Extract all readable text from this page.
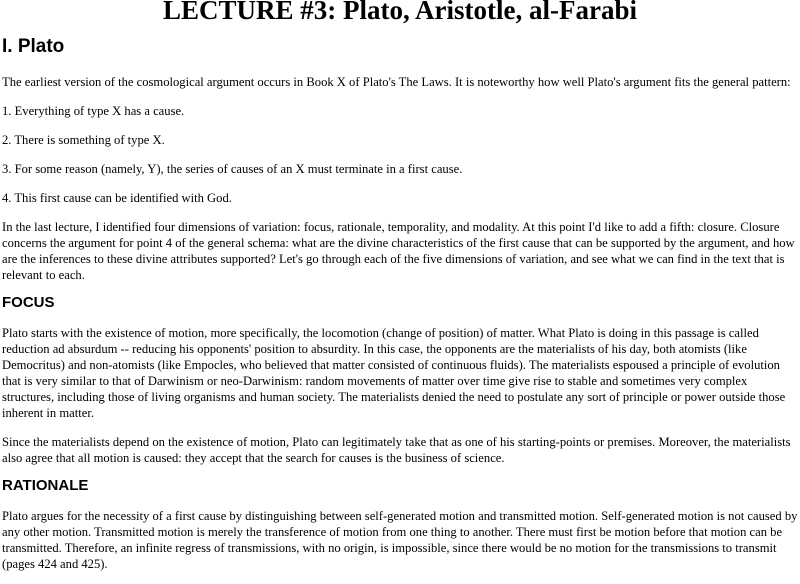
LECTURE #3: Plato, Aristotle, al-Farabi
I. Plato

The earliest version of the cosmological argument occurs in Book X of Plato's The Laws. It is noteworthy how well Plato's argument fits the general pattern:

1. Everything of type X has a cause.

2. There is something of type X.

3. For some reason (namely, Y), the series of causes of an X must terminate in a first cause.

4. This first cause can be identified with God.

In the last lecture, I identified four dimensions of variation: focus, rationale, temporality, and modality. At this point I'd like to add a fifth: closure. Closure concerns the argument for point 4 of the general schema: what are the divine characteristics of the first cause that can be supported by the argument, and how are the inferences to these divine attributes supported? Let's go through each of the five dimensions of variation, and see what we can find in the text that is relevant to each.

FOCUS

Plato starts with the existence of motion, more specifically, the locomotion (change of position) of matter. What Plato is doing in this passage is called reduction ad absurdum -- reducing his opponents' position to absurdity. In this case, the opponents are the materialists of his day, both atomists (like Democritus) and non-atomists (like Empocles, who believed that matter consisted of continuous fluids). The materialists espoused a principle of evolution that is very similar to that of Darwinism or neo-Darwinism: random movements of matter over time give rise to stable and sometimes very complex structures, including those of living organisms and human society. The materialists denied the need to postulate any sort of principle or power outside those inherent in matter.

Since the materialists depend on the existence of motion, Plato can legitimately take that as one of his starting-points or premises. Moreover, the materialists also agree that all motion is caused: they accept that the search for causes is the business of science.

RATIONALE

Plato argues for the necessity of a first cause by distinguishing between self-generated motion and transmitted motion. Self-generated motion is not caused by any other motion. Transmitted motion is merely the transference of motion from one thing to another. There must first be motion before that motion can be transmitted. Therefore, an infinite regress of transmissions, with no origin, is impossible, since there would be no motion for the transmissions to transmit (pages 424 and 425).
